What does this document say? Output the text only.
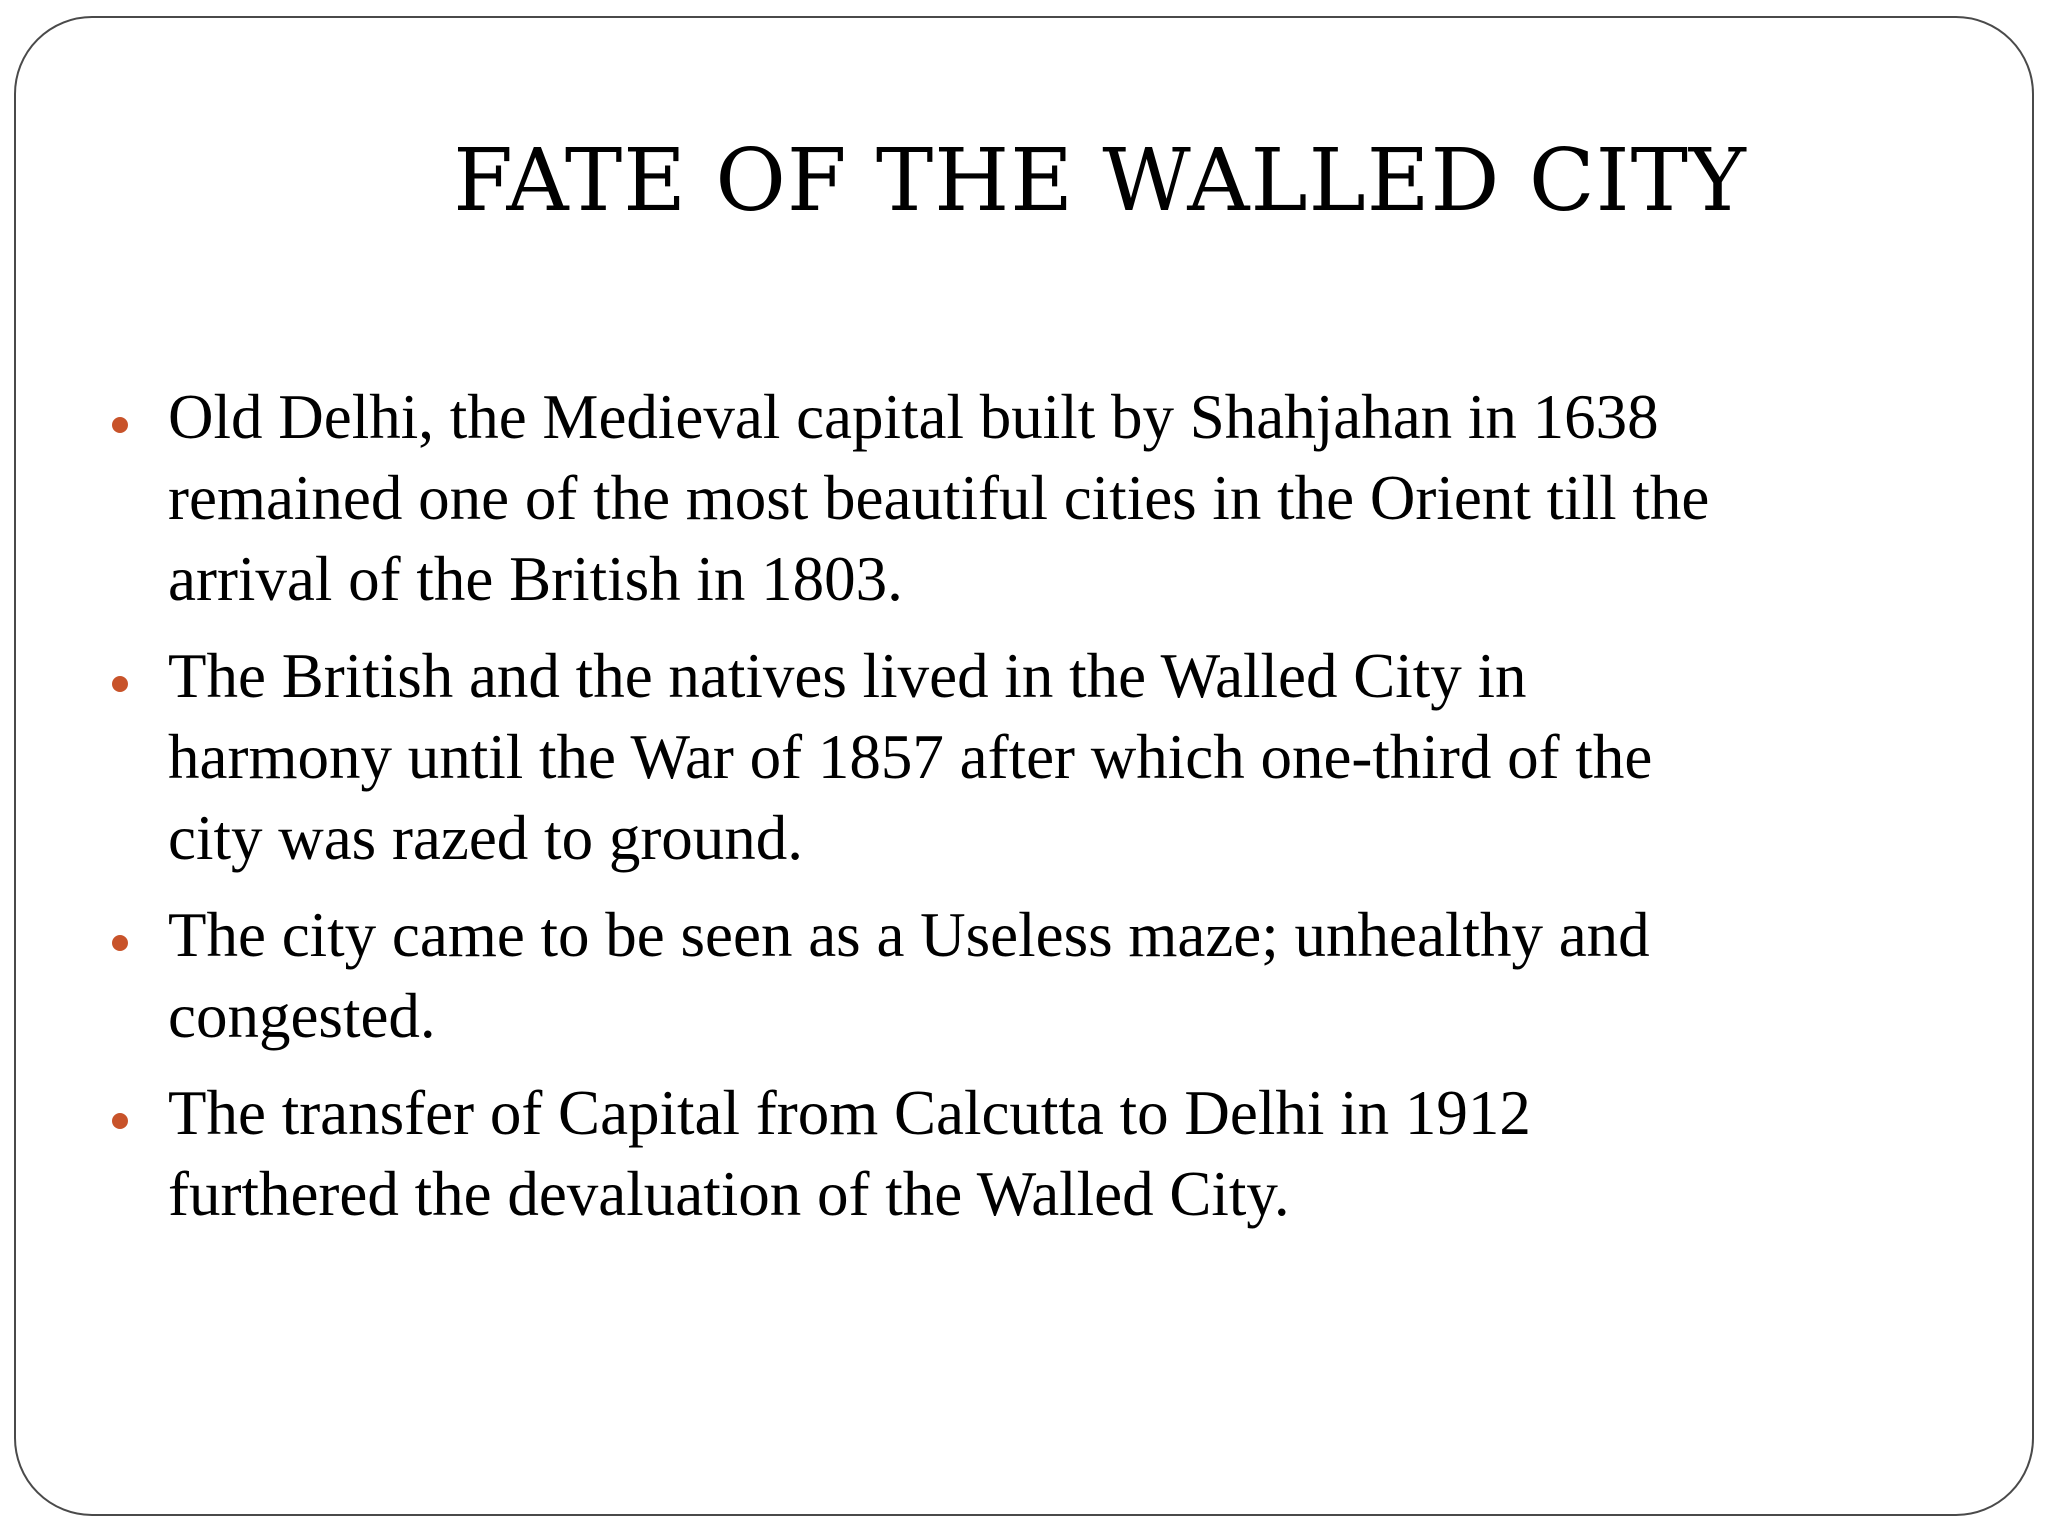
FATE OF THE WALLED CITY
Old Delhi, the Medieval capital built by Shahjahan in 1638
remained one of the most beautiful cities in the Orient till the
arrival of the British in 1803.
The British and the natives lived in the Walled City in
harmony until the War of 1857 after which one-third of the
city was razed to ground.
The city came to be seen as a Useless maze; unhealthy and
congested.
The transfer of Capital from Calcutta to Delhi in 1912
furthered the devaluation of the Walled City.
